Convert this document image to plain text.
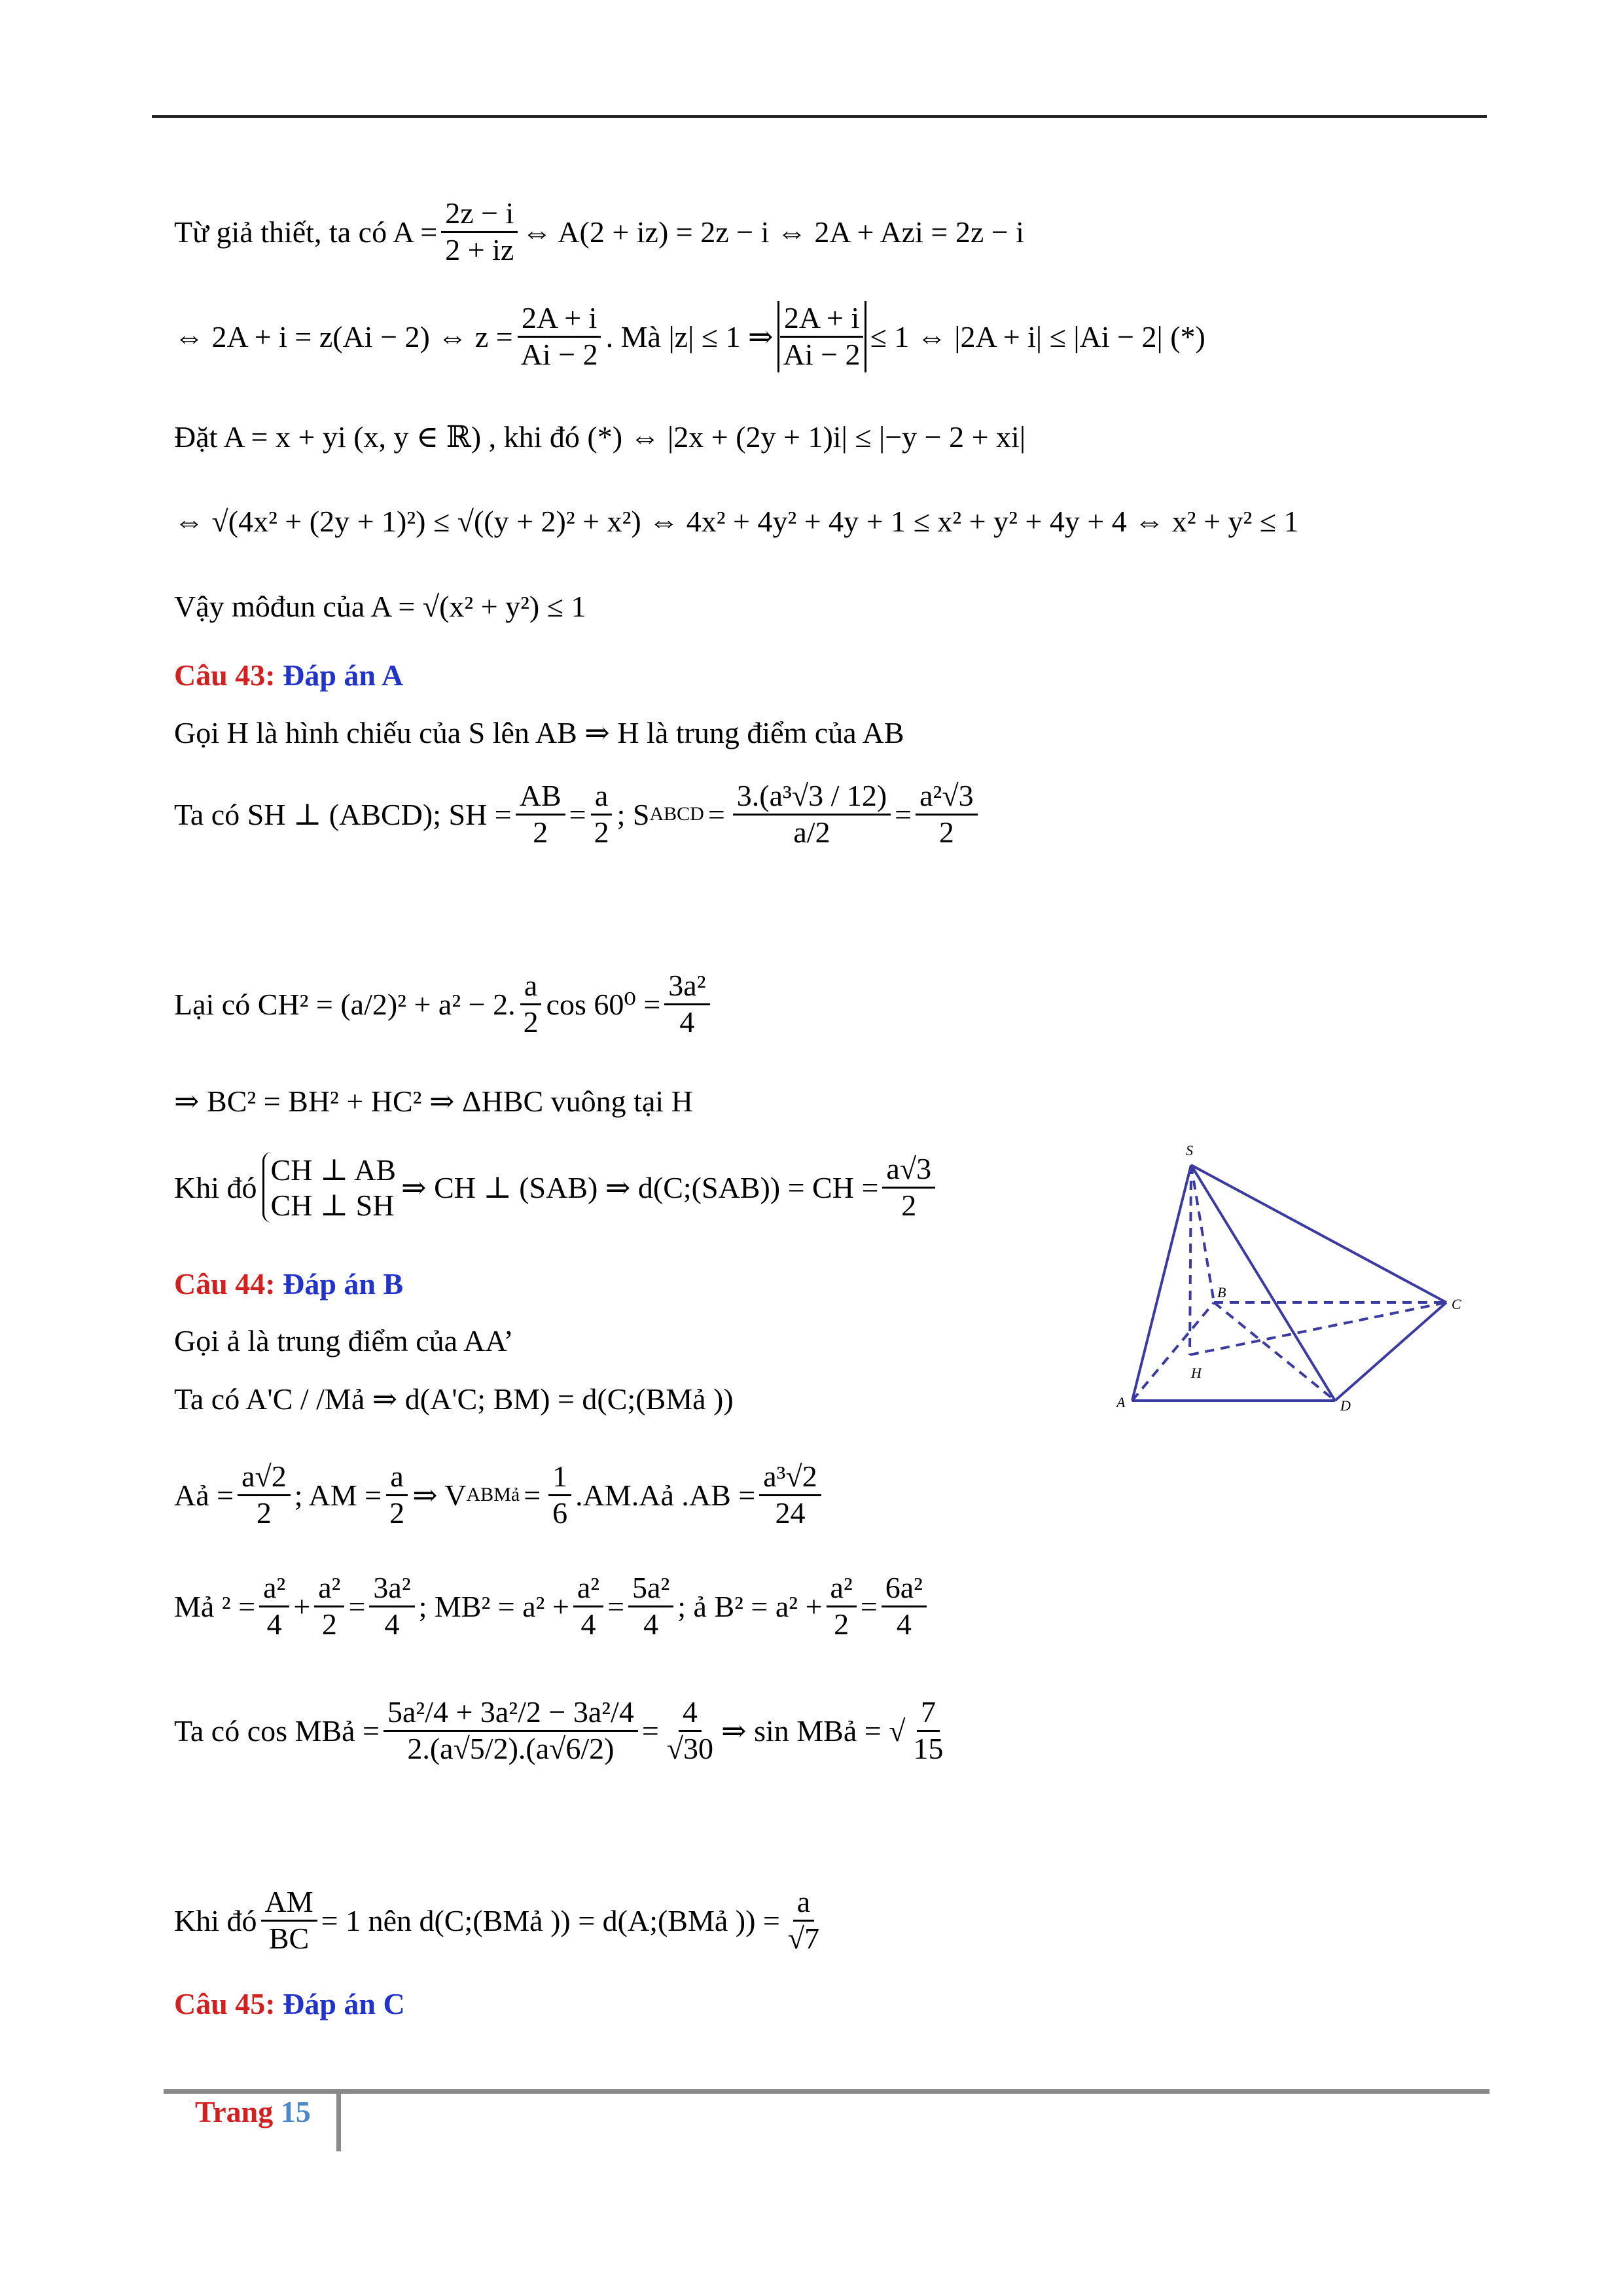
Từ giả thiết, ta có $A = \frac{2z - i}{2 + iz}$ ⇔ A(2 + iz) = 2z − i ⇔ 2A + Azi = 2z − i
⇔ 2A + i = z(Ai − 2) ⇔ $z = \frac{2A + i}{Ai - 2}$ . Mà |z| ≤ 1 ⇒ $\frac{2A + i}{Ai - 2} \le 1$ ⇔ |2A + i| ≤ |Ai − 2| (*)
Đặt A = x + yi (x, y ∈ ℝ) , khi đó (*) ⇔ |2x + (2y + 1)i| ≤ |−y − 2 + xi|
⇔ √(4x² + (2y + 1)²) ≤ √((y + 2)² + x²) ⇔ 4x² + 4y² + 4y + 1 ≤ x² + y² + 4y + 4 ⇔ x² + y² ≤ 1
Vậy môđun của A = √(x² + y²) ≤ 1
Câu 43: Đáp án A
Gọi H là hình chiếu của S lên AB ⇒ H là trung điểm của AB
Ta có SH ⊥ (ABCD); SH = $\frac{AB}{2} = \frac{a}{2}$ ; S ABCD = $\frac{\text{3.(a³√3 / 12)}}{a/2} = \frac{\text{a²√3}}{2}$
Lại có CH² = (a/2)² + a² − 2. $\frac{a}{2}$ $\cos 60^0 = \frac{\text{3a²}}{4}$
⇒ BC² = BH² + HC² ⇒ ΔHBC vuông tại H
Khi đó
CH ⊥ AB
CH ⊥ SH
⇒ CH ⊥ (SAB) ⇒ d(C;(SAB)) = CH = $\frac{a√3}{2}$
Câu 44: Đáp án B
Gọi ả là trung điểm của AA’
Ta có A'C / /Mả ⇒ d(A'C; BM) = d(C;(BMả ))
Aả = $\frac{a√2}{2}$ ; AM = $\frac{a}{2}$ ⇒ V ABMả = $\frac{1}{6}$ .AM.Aả $.AB = \frac{\text{a³√2}}{24}$
Mả $^2 = \frac{\text{a²}}{4} + \frac{\text{a²}}{2} = \frac{\text{3a²}}{4}$ ; $MB^2 = a^2 + \frac{\text{a²}}{4} = \frac{\text{5a²}}{4}$ ; ả $B^2 = a^2 + \frac{\text{a²}}{2} = \frac{\text{6a²}}{4}$
Ta có cos MBả = $\frac{\text{5a²/4 + 3a²/2 − 3a²/4}}{2.(a√5/2).(a√6/2)} = \frac{4}{√30}$ ⇒ sin MBả = √ $\frac{7}{15}$
Khi đó $\frac{AM}{BC} = 1$ nên d(C;(BMả )) = d(A;(BMả )) = $\frac{a}{√7}$
Câu 45: Đáp án C
S
B
C
H
A	D
Trang 15
